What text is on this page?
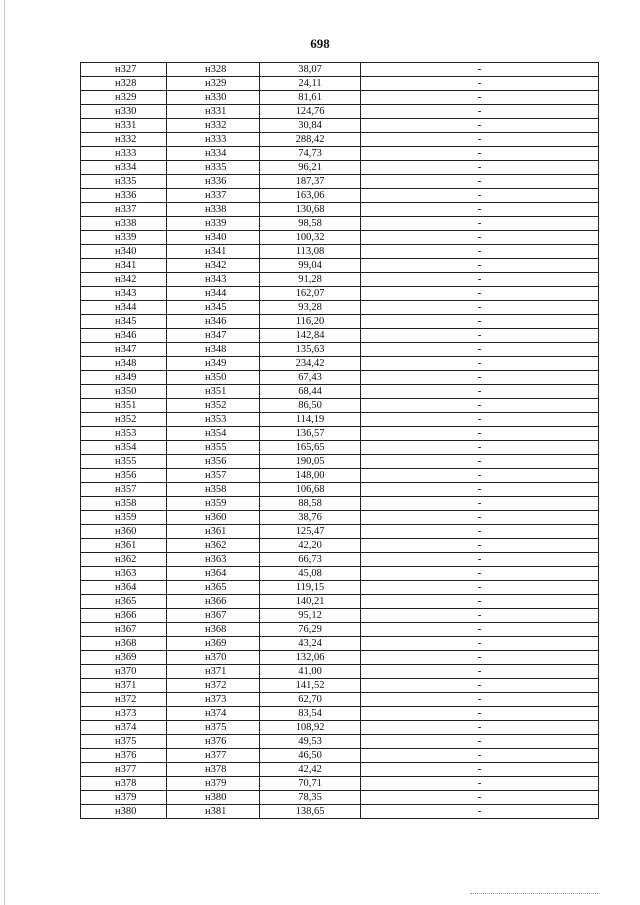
698
н327	н328	38,07	-
н328	н329	24,11	-
н329	н330	81,61	-
н330	н331	124,76	-
н331	н332	30,84	-
н332	н333	288,42	-
н333	н334	74,73	-
н334	н335	96,21	-
н335	н336	187,37	-
н336	н337	163,06	-
н337	н338	130,68	-
н338	н339	98,58	-
н339	н340	100,32	-
н340	н341	113,08	-
н341	н342	99,04	-
н342	н343	91,28	-
н343	н344	162,07	-
н344	н345	93,28	-
н345	н346	116,20	-
н346	н347	142,84	-
н347	н348	135,63	-
н348	н349	234,42	-
н349	н350	67,43	-
н350	н351	68,44	-
н351	н352	86,50	-
н352	н353	114,19	-
н353	н354	136,57	-
н354	н355	165,65	-
н355	н356	190,05	-
н356	н357	148,00	-
н357	н358	106,68	-
н358	н359	88,58	-
н359	н360	38,76	-
н360	н361	125,47	-
н361	н362	42,20	-
н362	н363	66,73	-
н363	н364	45,08	-
н364	н365	119,15	-
н365	н366	140,21	-
н366	н367	95,12	-
н367	н368	76,29	-
н368	н369	43,24	-
н369	н370	132,06	-
н370	н371	41,00	-
н371	н372	141,52	-
н372	н373	62,70	-
н373	н374	83,54	-
н374	н375	108,92	-
н375	н376	49,53	-
н376	н377	46,50	-
н377	н378	42,42	-
н378	н379	70,71	-
н379	н380	78,35	-
н380	н381	138,65	-
